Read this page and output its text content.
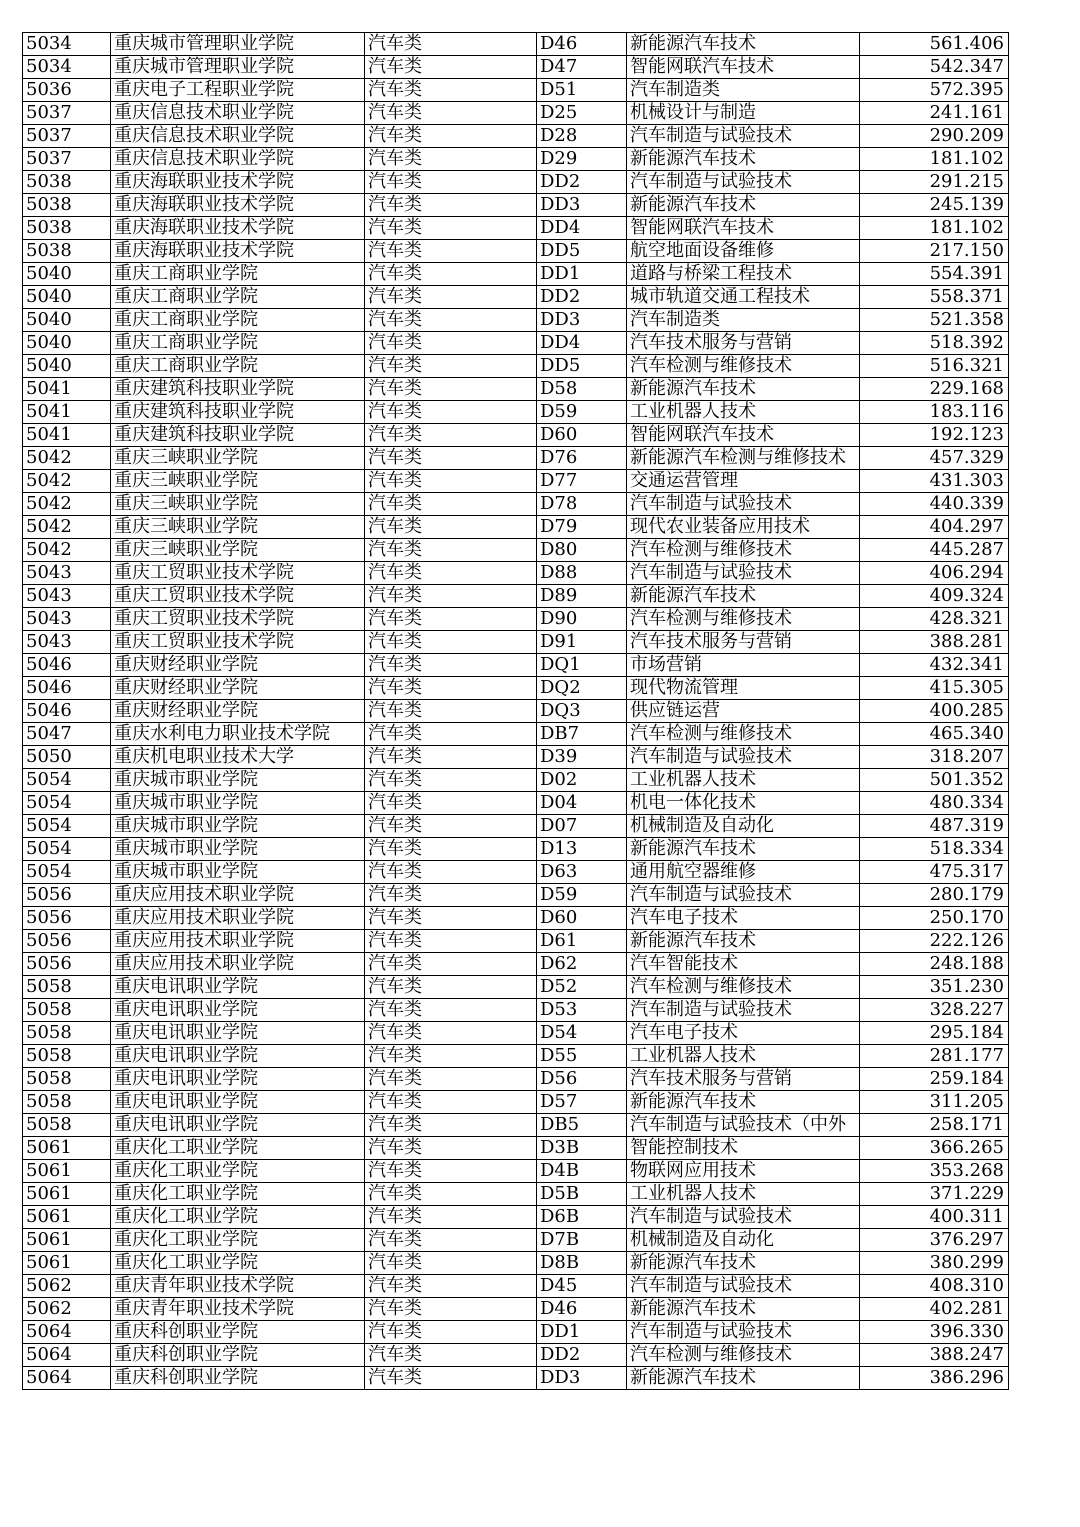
5034	重庆城市管理职业学院	汽车类	D46	新能源汽车技术	561.406
5034	重庆城市管理职业学院	汽车类	D47	智能网联汽车技术	542.347
5036	重庆电子工程职业学院	汽车类	D51	汽车制造类	572.395
5037	重庆信息技术职业学院	汽车类	D25	机械设计与制造	241.161
5037	重庆信息技术职业学院	汽车类	D28	汽车制造与试验技术	290.209
5037	重庆信息技术职业学院	汽车类	D29	新能源汽车技术	181.102
5038	重庆海联职业技术学院	汽车类	DD2	汽车制造与试验技术	291.215
5038	重庆海联职业技术学院	汽车类	DD3	新能源汽车技术	245.139
5038	重庆海联职业技术学院	汽车类	DD4	智能网联汽车技术	181.102
5038	重庆海联职业技术学院	汽车类	DD5	航空地面设备维修	217.150
5040	重庆工商职业学院	汽车类	DD1	道路与桥梁工程技术	554.391
5040	重庆工商职业学院	汽车类	DD2	城市轨道交通工程技术	558.371
5040	重庆工商职业学院	汽车类	DD3	汽车制造类	521.358
5040	重庆工商职业学院	汽车类	DD4	汽车技术服务与营销	518.392
5040	重庆工商职业学院	汽车类	DD5	汽车检测与维修技术	516.321
5041	重庆建筑科技职业学院	汽车类	D58	新能源汽车技术	229.168
5041	重庆建筑科技职业学院	汽车类	D59	工业机器人技术	183.116
5041	重庆建筑科技职业学院	汽车类	D60	智能网联汽车技术	192.123
5042	重庆三峡职业学院	汽车类	D76	新能源汽车检测与维修技术	457.329
5042	重庆三峡职业学院	汽车类	D77	交通运营管理	431.303
5042	重庆三峡职业学院	汽车类	D78	汽车制造与试验技术	440.339
5042	重庆三峡职业学院	汽车类	D79	现代农业装备应用技术	404.297
5042	重庆三峡职业学院	汽车类	D80	汽车检测与维修技术	445.287
5043	重庆工贸职业技术学院	汽车类	D88	汽车制造与试验技术	406.294
5043	重庆工贸职业技术学院	汽车类	D89	新能源汽车技术	409.324
5043	重庆工贸职业技术学院	汽车类	D90	汽车检测与维修技术	428.321
5043	重庆工贸职业技术学院	汽车类	D91	汽车技术服务与营销	388.281
5046	重庆财经职业学院	汽车类	DQ1	市场营销	432.341
5046	重庆财经职业学院	汽车类	DQ2	现代物流管理	415.305
5046	重庆财经职业学院	汽车类	DQ3	供应链运营	400.285
5047	重庆水利电力职业技术学院	汽车类	DB7	汽车检测与维修技术	465.340
5050	重庆机电职业技术大学	汽车类	D39	汽车制造与试验技术	318.207
5054	重庆城市职业学院	汽车类	D02	工业机器人技术	501.352
5054	重庆城市职业学院	汽车类	D04	机电一体化技术	480.334
5054	重庆城市职业学院	汽车类	D07	机械制造及自动化	487.319
5054	重庆城市职业学院	汽车类	D13	新能源汽车技术	518.334
5054	重庆城市职业学院	汽车类	D63	通用航空器维修	475.317
5056	重庆应用技术职业学院	汽车类	D59	汽车制造与试验技术	280.179
5056	重庆应用技术职业学院	汽车类	D60	汽车电子技术	250.170
5056	重庆应用技术职业学院	汽车类	D61	新能源汽车技术	222.126
5056	重庆应用技术职业学院	汽车类	D62	汽车智能技术	248.188
5058	重庆电讯职业学院	汽车类	D52	汽车检测与维修技术	351.230
5058	重庆电讯职业学院	汽车类	D53	汽车制造与试验技术	328.227
5058	重庆电讯职业学院	汽车类	D54	汽车电子技术	295.184
5058	重庆电讯职业学院	汽车类	D55	工业机器人技术	281.177
5058	重庆电讯职业学院	汽车类	D56	汽车技术服务与营销	259.184
5058	重庆电讯职业学院	汽车类	D57	新能源汽车技术	311.205
5058	重庆电讯职业学院	汽车类	DB5	汽车制造与试验技术（中外	258.171
5061	重庆化工职业学院	汽车类	D3B	智能控制技术	366.265
5061	重庆化工职业学院	汽车类	D4B	物联网应用技术	353.268
5061	重庆化工职业学院	汽车类	D5B	工业机器人技术	371.229
5061	重庆化工职业学院	汽车类	D6B	汽车制造与试验技术	400.311
5061	重庆化工职业学院	汽车类	D7B	机械制造及自动化	376.297
5061	重庆化工职业学院	汽车类	D8B	新能源汽车技术	380.299
5062	重庆青年职业技术学院	汽车类	D45	汽车制造与试验技术	408.310
5062	重庆青年职业技术学院	汽车类	D46	新能源汽车技术	402.281
5064	重庆科创职业学院	汽车类	DD1	汽车制造与试验技术	396.330
5064	重庆科创职业学院	汽车类	DD2	汽车检测与维修技术	388.247
5064	重庆科创职业学院	汽车类	DD3	新能源汽车技术	386.296
